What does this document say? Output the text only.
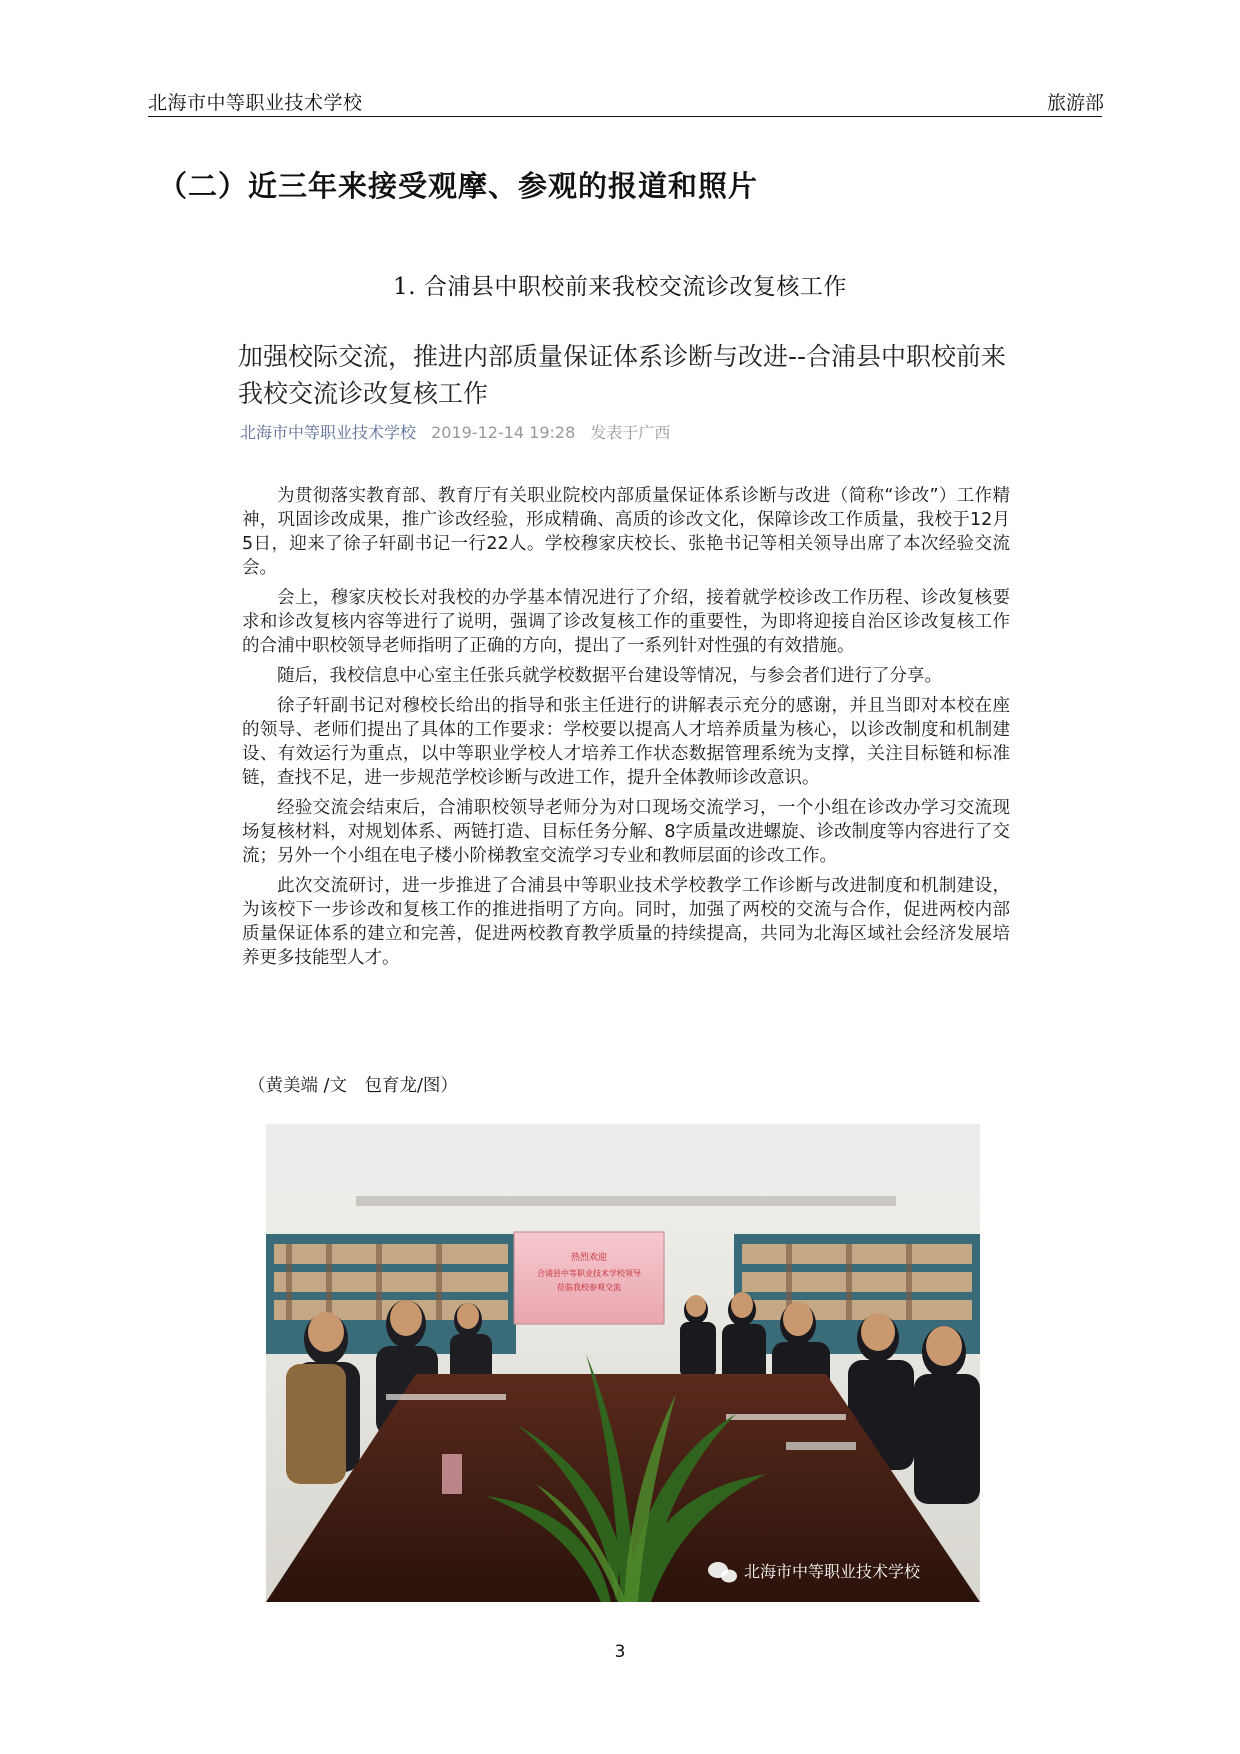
北海市中等职业技术学校	旅游部
（二）近三年来接受观摩、参观的报道和照片
1. 合浦县中职校前来我校交流诊改复核工作
加强校际交流，推进内部质量保证体系诊断与改进--合浦县中职校前来我校交流诊改复核工作
北海市中等职业技术学校 2019-12-14 19:28 发表于广西

为贯彻落实教育部、教育厅有关职业院校内部质量保证体系诊断与改进（简称“诊改”）工作精神，巩固诊改成果，推广诊改经验，形成精确、高质的诊改文化，保障诊改工作质量，我校于12月5日，迎来了徐子轩副书记一行22人。学校穆家庆校长、张艳书记等相关领导出席了本次经验交流会。

会上，穆家庆校长对我校的办学基本情况进行了介绍，接着就学校诊改工作历程、诊改复核要求和诊改复核内容等进行了说明，强调了诊改复核工作的重要性，为即将迎接自治区诊改复核工作的合浦中职校领导老师指明了正确的方向，提出了一系列针对性强的有效措施。

随后，我校信息中心室主任张兵就学校数据平台建设等情况，与参会者们进行了分享。

徐子轩副书记对穆校长给出的指导和张主任进行的讲解表示充分的感谢，并且当即对本校在座的领导、老师们提出了具体的工作要求：学校要以提高人才培养质量为核心，以诊改制度和机制建设、有效运行为重点，以中等职业学校人才培养工作状态数据管理系统为支撑，关注目标链和标准链，查找不足，进一步规范学校诊断与改进工作，提升全体教师诊改意识。

经验交流会结束后，合浦职校领导老师分为对口现场交流学习，一个小组在诊改办学习交流现场复核材料，对规划体系、两链打造、目标任务分解、8字质量改进螺旋、诊改制度等内容进行了交流；另外一个小组在电子楼小阶梯教室交流学习专业和教师层面的诊改工作。

此次交流研讨，进一步推进了合浦县中等职业技术学校教学工作诊断与改进制度和机制建设，为该校下一步诊改和复核工作的推进指明了方向。同时，加强了两校的交流与合作，促进两校内部质量保证体系的建立和完善，促进两校教育教学质量的持续提高，共同为北海区域社会经济发展培养更多技能型人才。

（黄美端 /文　包育龙/图）
热烈欢迎
合浦县中等职业技术学校领导
莅临我校参观交流
北海市中等职业技术学校
3
